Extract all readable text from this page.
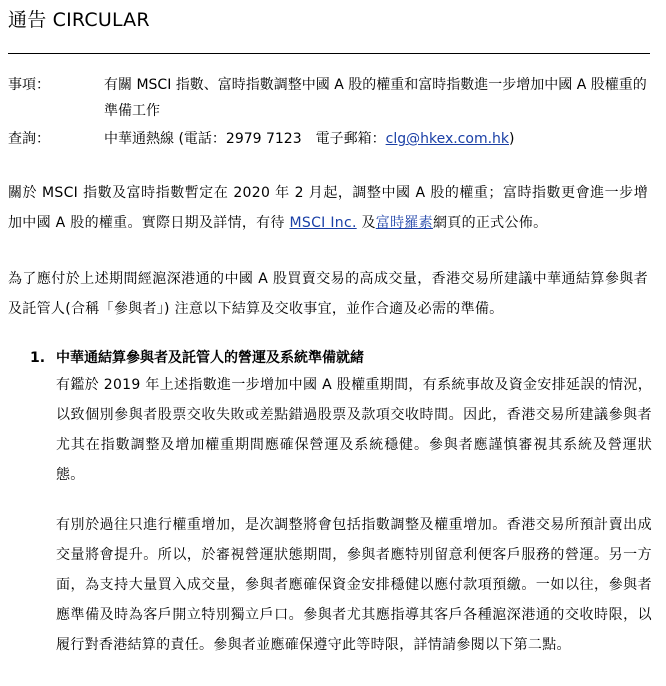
通告 CIRCULAR
事項：	有關 MSCI 指數、富時指數調整中國 A 股的權重和富時指數進一步增加中國 A 股權重的準備工作
查詢：	中華通熱線 (電話：2979 7123　電子郵箱：clg@hkex.com.hk)
關於 MSCI 指數及富時指數暫定在 2020 年 2 月起，調整中國 A 股的權重；富時指數更會進一步增加中國 A 股的權重。實際日期及詳情，有待 MSCI Inc. 及富時羅素網頁的正式公佈。
為了應付於上述期間經滬深港通的中國 A 股買賣交易的高成交量，香港交易所建議中華通結算參與者及託管人(合稱「參與者」) 注意以下結算及交收事宜，並作合適及必需的準備。
1. 中華通結算參與者及託管人的營運及系統準備就緒
有鑑於 2019 年上述指數進一步增加中國 A 股權重期間，有系統事故及資金安排延誤的情況，以致個別參與者股票交收失敗或差點錯過股票及款項交收時間。因此，香港交易所建議參與者尤其在指數調整及增加權重期間應確保營運及系統穩健。參與者應謹慎審視其系統及營運狀態。
有別於過往只進行權重增加，是次調整將會包括指數調整及權重增加。香港交易所預計賣出成交量將會提升。所以，於審視營運狀態期間，參與者應特別留意利便客戶服務的營運。另一方面，為支持大量買入成交量，參與者應確保資金安排穩健以應付款項預繳。一如以往，參與者應準備及時為客戶開立特別獨立戶口。參與者尤其應指導其客戶各種滬深港通的交收時限，以履行對香港結算的責任。參與者並應確保遵守此等時限，詳情請參閱以下第二點。
